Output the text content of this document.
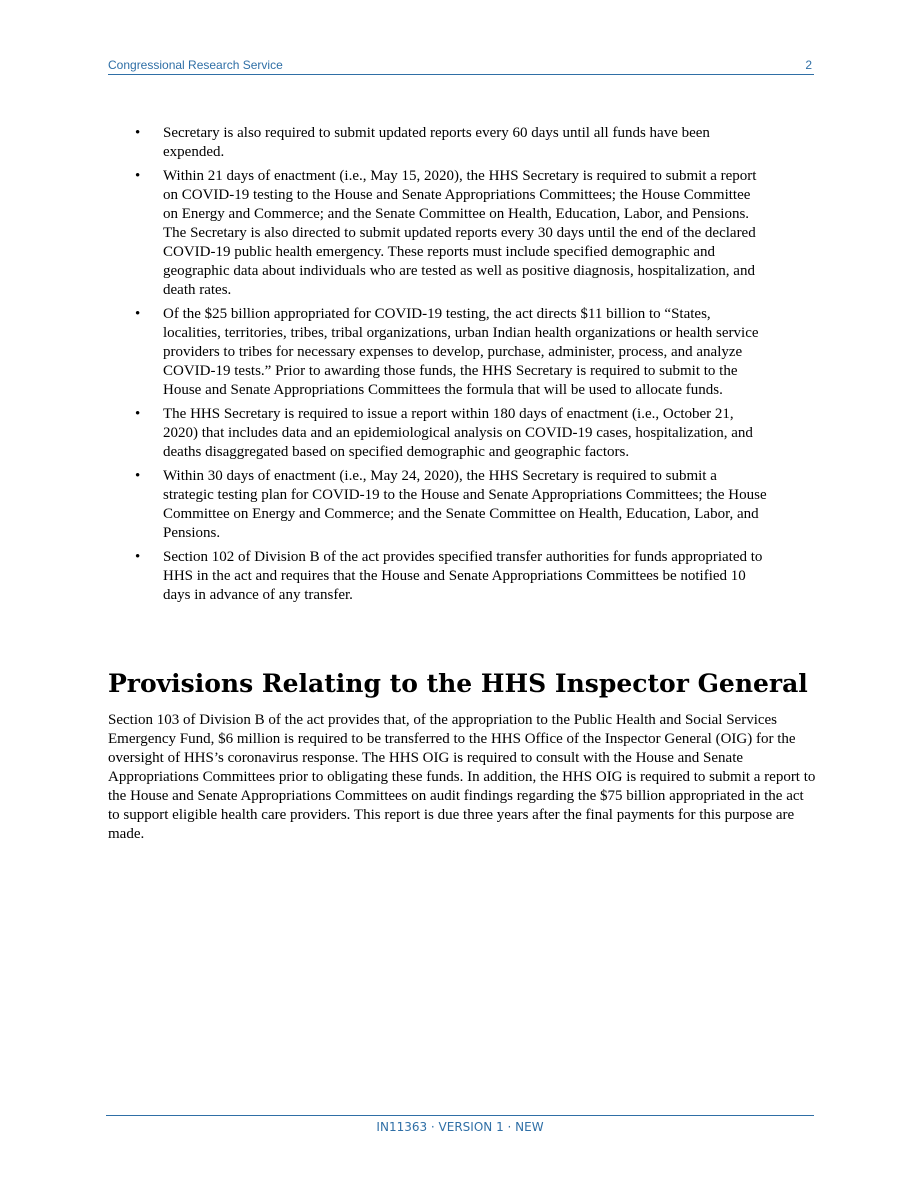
Congressional Research Service	2
• Secretary is also required to submit updated reports every 60 days until all funds have been expended.
• Within 21 days of enactment (i.e., May 15, 2020), the HHS Secretary is required to submit a report on COVID-19 testing to the House and Senate Appropriations Committees; the House Committee on Energy and Commerce; and the Senate Committee on Health, Education, Labor, and Pensions. The Secretary is also directed to submit updated reports every 30 days until the end of the declared COVID-19 public health emergency. These reports must include specified demographic and geographic data about individuals who are tested as well as positive diagnosis, hospitalization, and death rates.
• Of the $25 billion appropriated for COVID-19 testing, the act directs $11 billion to “States, localities, territories, tribes, tribal organizations, urban Indian health organizations or health service providers to tribes for necessary expenses to develop, purchase, administer, process, and analyze COVID-19 tests.” Prior to awarding those funds, the HHS Secretary is required to submit to the House and Senate Appropriations Committees the formula that will be used to allocate funds.
• The HHS Secretary is required to issue a report within 180 days of enactment (i.e., October 21, 2020) that includes data and an epidemiological analysis on COVID-19 cases, hospitalization, and deaths disaggregated based on specified demographic and geographic factors.
• Within 30 days of enactment (i.e., May 24, 2020), the HHS Secretary is required to submit a strategic testing plan for COVID-19 to the House and Senate Appropriations Committees; the House Committee on Energy and Commerce; and the Senate Committee on Health, Education, Labor, and Pensions.
• Section 102 of Division B of the act provides specified transfer authorities for funds appropriated to HHS in the act and requires that the House and Senate Appropriations Committees be notified 10 days in advance of any transfer.
Provisions Relating to the HHS Inspector General

Section 103 of Division B of the act provides that, of the appropriation to the Public Health and Social Services Emergency Fund, $6 million is required to be transferred to the HHS Office of the Inspector General (OIG) for the oversight of HHS’s coronavirus response. The HHS OIG is required to consult with the House and Senate Appropriations Committees prior to obligating these funds. In addition, the HHS OIG is required to submit a report to the House and Senate Appropriations Committees on audit findings regarding the $75 billion appropriated in the act to support eligible health care providers. This report is due three years after the final payments for this purpose are made.

IN11363 · VERSION 1 · NEW
